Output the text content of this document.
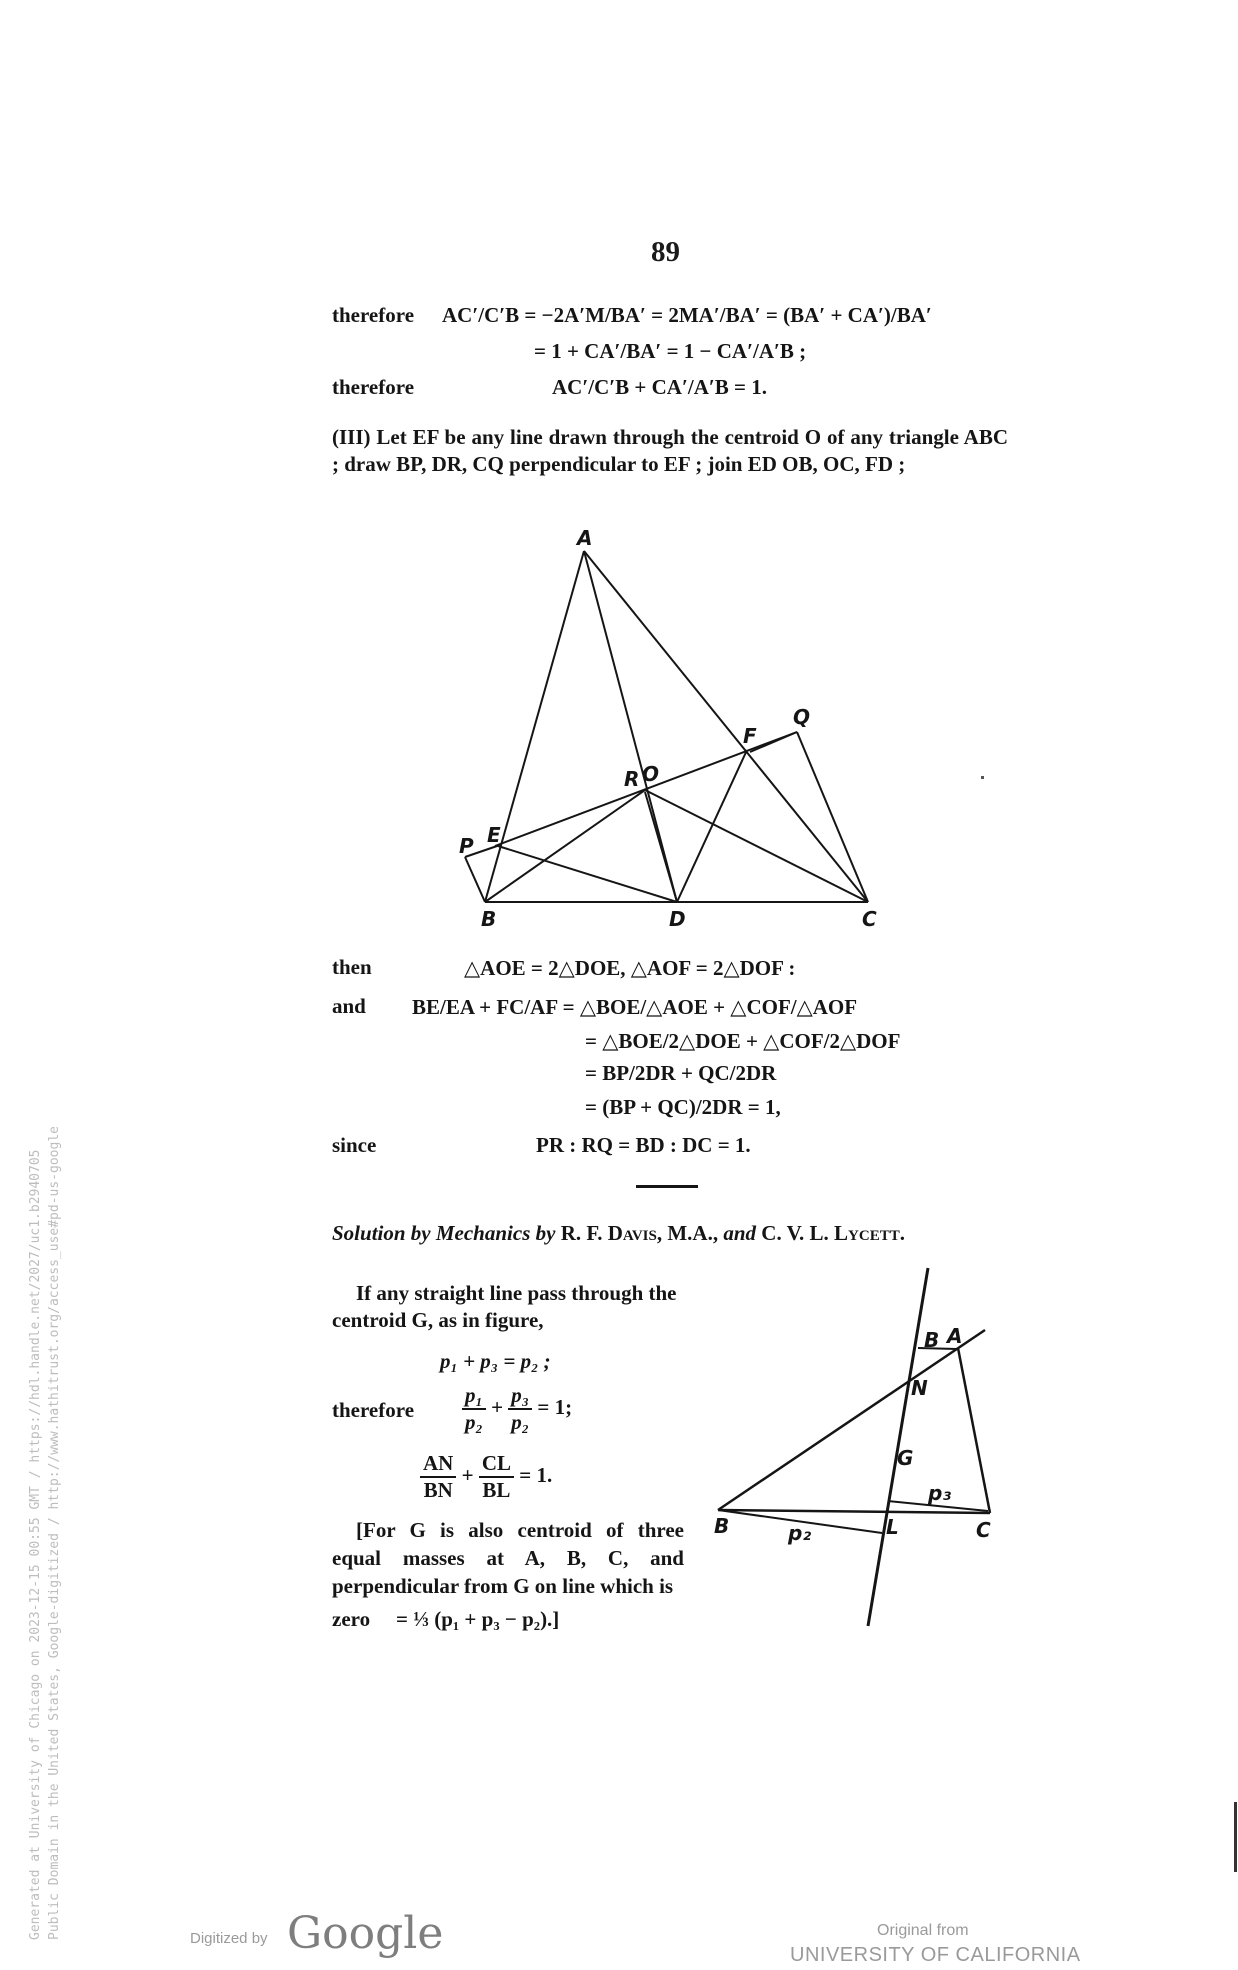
Generated at University of Chicago on 2023-12-15 00:55 GMT / https://hdl.handle.net/2027/uc1.b2940705 Public Domain in the United States, Google-digitized / http://www.hathitrust.org/access_use#pd-us-google
89
therefore AC′/C′B = −2A′M/BA′ = 2MA′/BA′ = (BA′ + CA′)/BA′
= 1 + CA′/BA′ = 1 − CA′/A′B ;
therefore	AC′/C′B + CA′/A′B = 1.
(III) Let EF be any line drawn through the centroid O of any triangle ABC ; draw BP, DR, CQ perpendicular to EF ; join ED OB, OC, FD ;
A
F
Q
R O
P E
B	D	C
then	△AOE = 2△DOE, △AOF = 2△DOF :
and BE/EA + FC/AF = △BOE/△AOE + △COF/△AOF
= △BOE/2△DOE + △COF/2△DOF
= BP/2DR + QC/2DR
= (BP + QC)/2DR = 1,
since	PR : RQ = BD : DC = 1.
Solution by Mechanics by R. F. Davis, M.A., and C. V. L. Lycett.
If any straight line pass through the centroid G, as in figure,
p₁ + p₃ = p₂ ;
therefore $\frac{\text{p₁}}{\text{p₂}} + \frac{\text{p₃}}{\text{p₂}} = 1$;
$\frac{AN}{BN} + \frac{CL}{BL} = 1$.
[For G is also centroid of three equal masses at A, B, C, and perpendicular from G on line which is
zero = ⅓ (p₁ + p₃ − p₂).]
B A
N
G
p₃
B	p₂	L	C
Digitized by Google	Original from
UNIVERSITY OF CALIFORNIA
